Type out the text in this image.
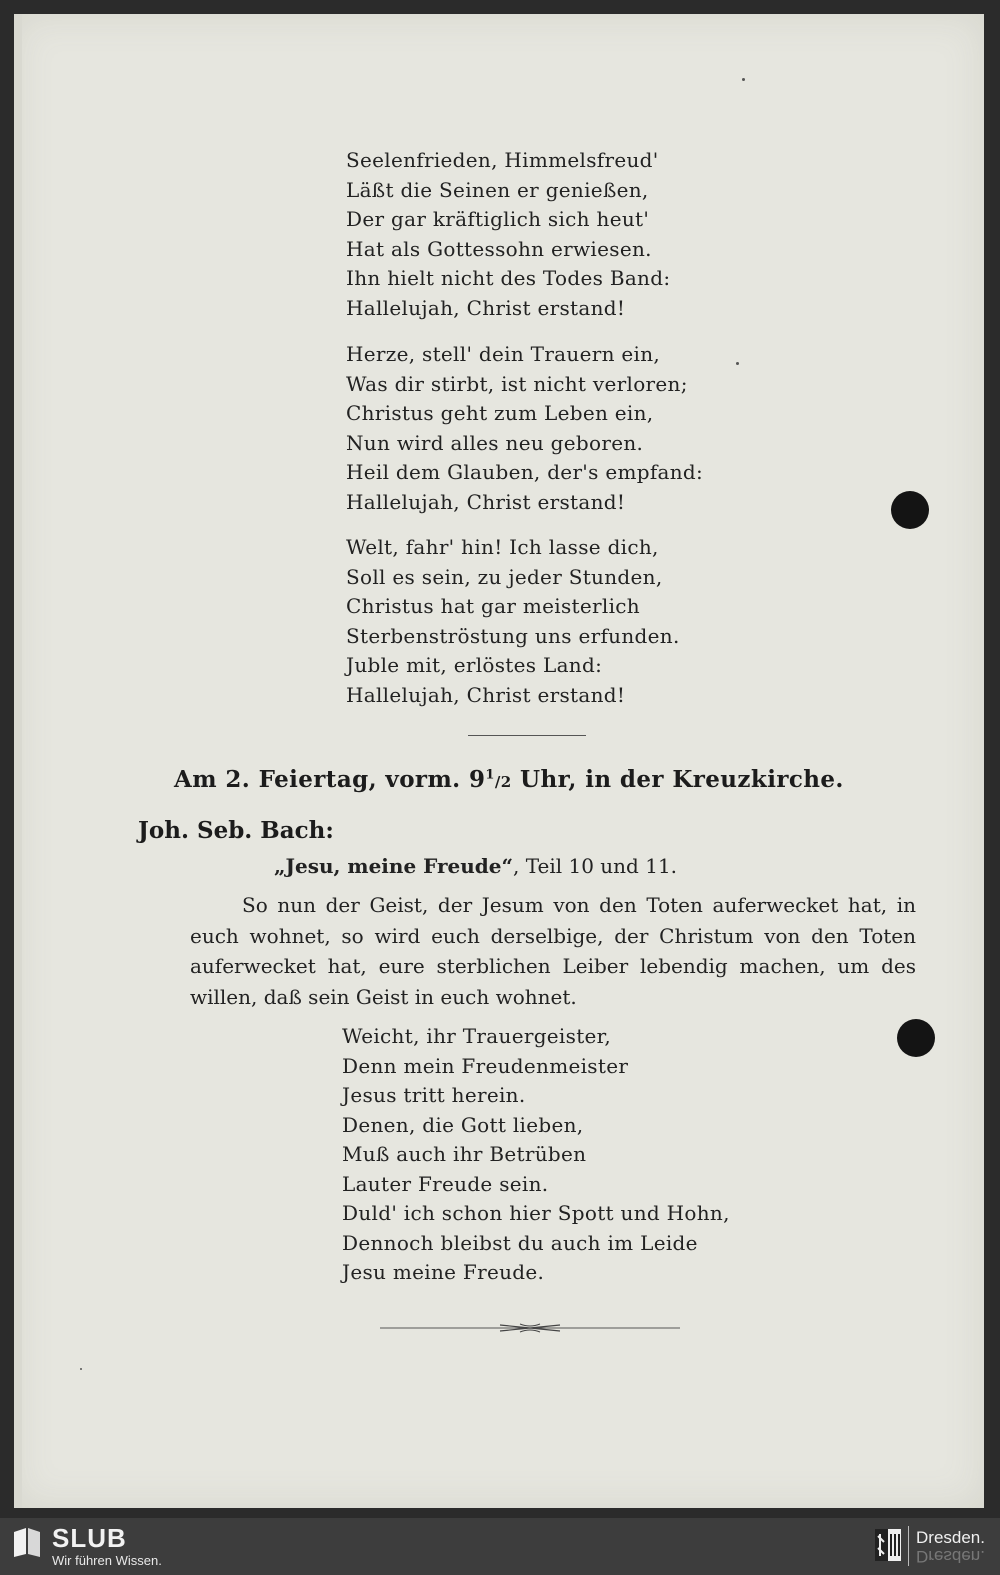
Seelenfrieden, Himmelsfreud'
Läßt die Seinen er genießen,
Der gar kräftiglich sich heut'
Hat als Gottessohn erwiesen.
Ihn hielt nicht des Todes Band:
Hallelujah, Christ erstand!
Herze, stell' dein Trauern ein,
Was dir stirbt, ist nicht verloren;
Christus geht zum Leben ein,
Nun wird alles neu geboren.
Heil dem Glauben, der's empfand:
Hallelujah, Christ erstand!
Welt, fahr' hin! Ich lasse dich,
Soll es sein, zu jeder Stunden,
Christus hat gar meisterlich
Sterbenströstung uns erfunden.
Juble mit, erlöstes Land:
Hallelujah, Christ erstand!
Am 2. Feiertag, vorm. $9^1/2$ Uhr, in der Kreuzkirche.
Joh. Seb. Bach:
„Jesu, meine Freude“, Teil 10 und 11.

So nun der Geist, der Jesum von den Toten auferwecket hat, in euch wohnet, so wird euch derselbige, der Christum von den Toten auferwecket hat, eure sterblichen Leiber lebendig machen, um des willen, daß sein Geist in euch wohnet.

Weicht, ihr Trauergeister,
Denn mein Freudenmeister
Jesus tritt herein.
Denen, die Gott lieben,
Muß auch ihr Betrüben
Lauter Freude sein.
Duld' ich schon hier Spott und Hohn,
Dennoch bleibst du auch im Leide
Jesu meine Freude.
SLUB
Wir führen Wissen.
Dresden.
Dresden.
